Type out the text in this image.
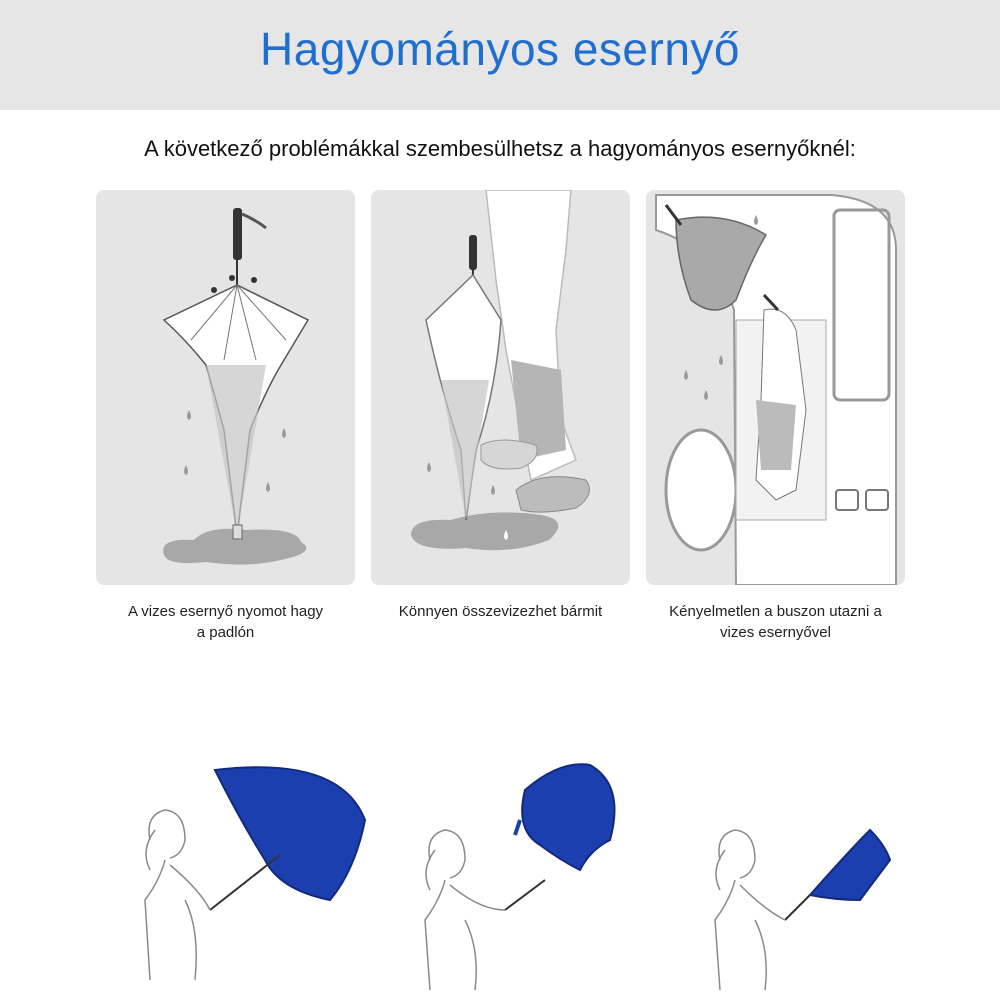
Hagyományos esernyő
A következő problémákkal szembesülhetsz a hagyományos esernyőknél:
A vizes esernyő nyomot hagy
a padlón
Könnyen összevizezhet bármit	Kényelmetlen a buszon utazni a
vizes esernyővel
